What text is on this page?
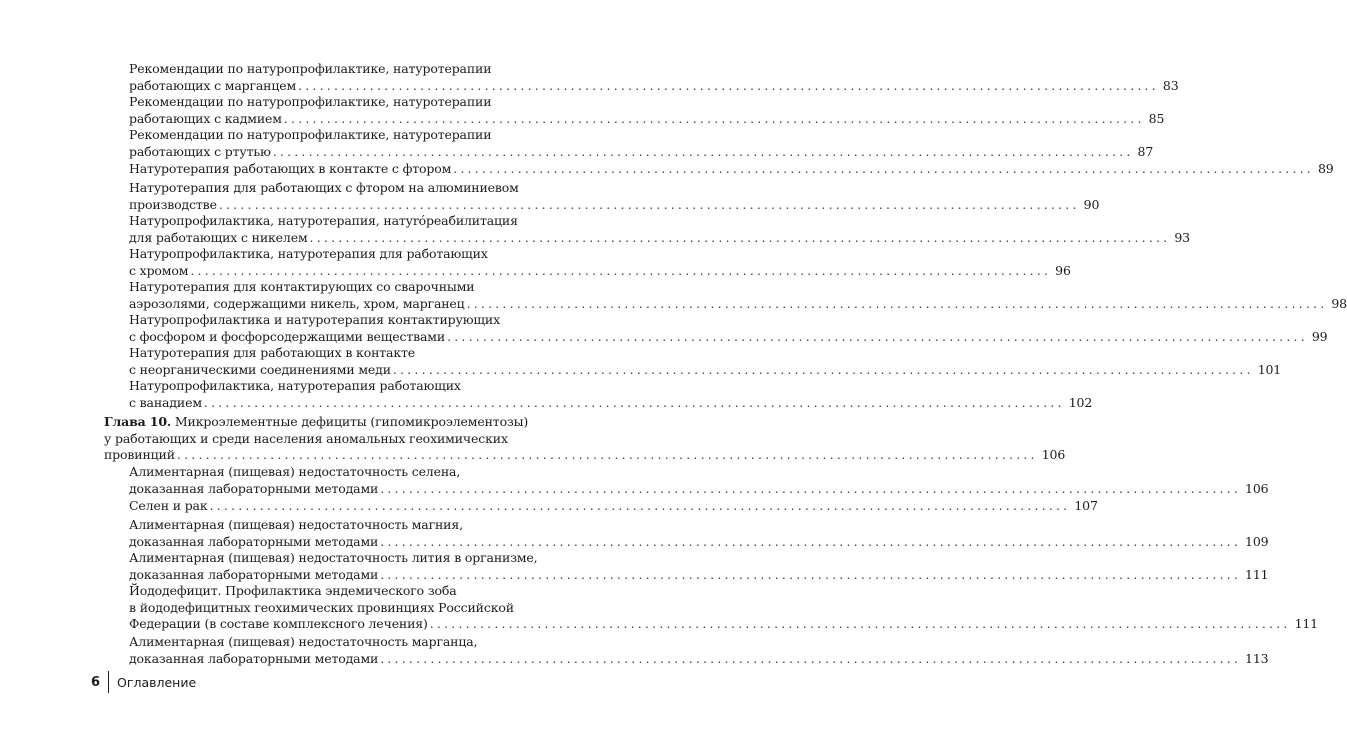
Рекомендации по натуропрофилактике, натуротерапии
работающих с марганцем ........................................................................................................................ 83
Рекомендации по натуропрофилактике, натуротерапии
работающих с кадмием ........................................................................................................................ 85
Рекомендации по натуропрофилактике, натуротерапии
работающих с ртутью ........................................................................................................................ 87
Натуротерапия работающих в контакте с фтором ........................................................................................................................ 89
Натуротерапия для работающих с фтором на алюминиевом
производстве ........................................................................................................................ 90
Натуропрофилактика, натуротерапия, натуróреабилитация
для работающих с никелем ........................................................................................................................ 93
Натуропрофилактика, натуротерапия для работающих
с хромом ........................................................................................................................ 96
Натуротерапия для контактирующих со сварочными
аэрозолями, содержащими никель, хром, марганец ........................................................................................................................ 98
Натуропрофилактика и натуротерапия контактирующих
с фосфором и фосфорсодержащими веществами ........................................................................................................................ 99
Натуротерапия для работающих в контакте
с неорганическими соединениями меди ........................................................................................................................ 101
Натуропрофилактика, натуротерапия работающих
с ванадием ........................................................................................................................ 102
Глава 10. Микроэлементные дефициты (гипомикроэлементозы)
у работающих и среди населения аномальных геохимических
провинций ........................................................................................................................ 106
Алиментарная (пищевая) недостаточность селена,
доказанная лабораторными методами ........................................................................................................................ 106
Селен и рак ........................................................................................................................ 107
Алиментарная (пищевая) недостаточность магния,
доказанная лабораторными методами ........................................................................................................................ 109
Алиментарная (пищевая) недостаточность лития в организме,
доказанная лабораторными методами ........................................................................................................................ 111
Йододефицит. Профилактика эндемического зоба
в йододефицитных геохимических провинциях Российской
Федерации (в составе комплексного лечения) ........................................................................................................................ 111
Алиментарная (пищевая) недостаточность марганца,
доказанная лабораторными методами ........................................................................................................................ 113
6 Оглавление
